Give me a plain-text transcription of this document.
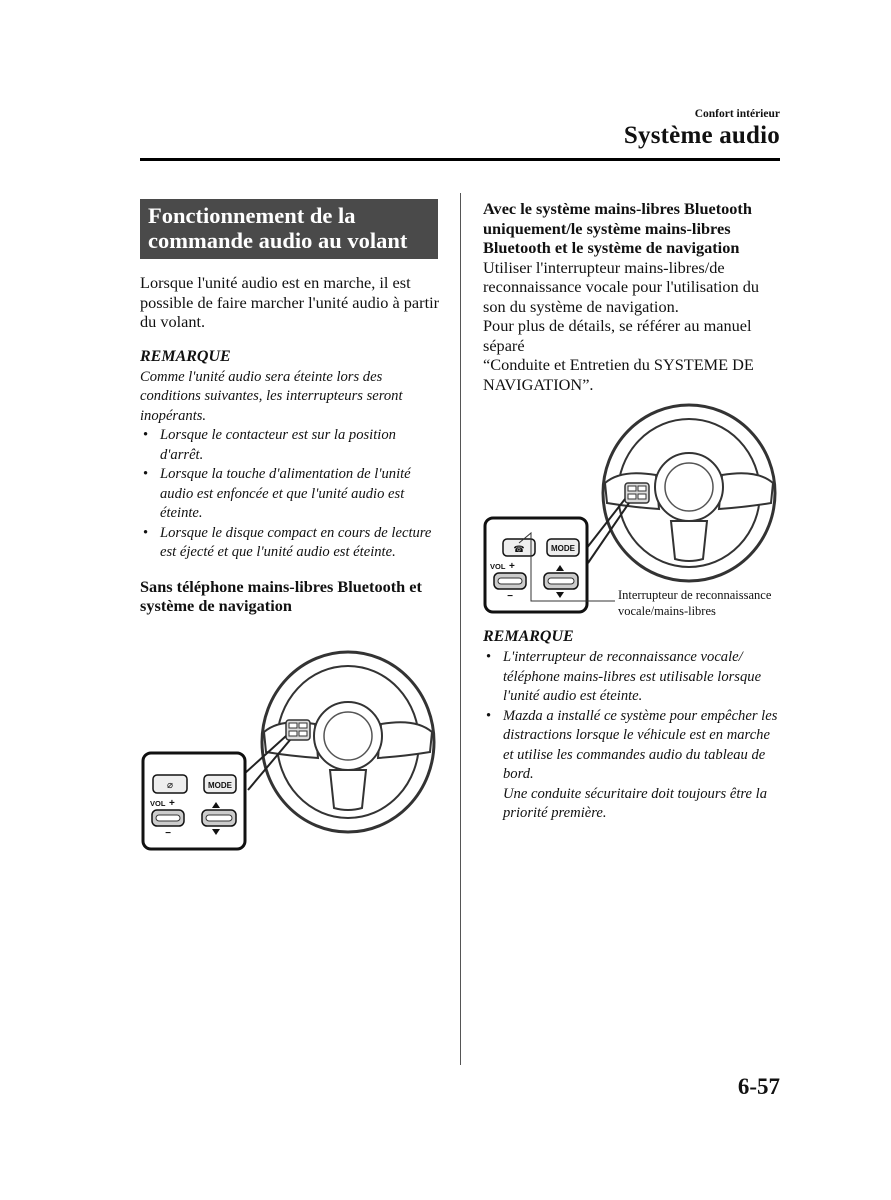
Confort intérieur
Système audio
Fonctionnement de la
commande audio au volant

Lorsque l'unité audio est en marche, il est possible de faire marcher l'unité audio à partir du volant.

REMARQUE

Comme l'unité audio sera éteinte lors des conditions suivantes, les interrupteurs seront inopérants.

• Lorsque le contacteur est sur la position d'arrêt.
• Lorsque la touche d'alimentation de l'unité audio est enfoncée et que l'unité audio est éteinte.
• Lorsque le disque compact en cours de lecture est éjecté et que l'unité audio est éteinte.
Sans téléphone mains-libres Bluetooth et système de navigation
⌀	MODE
VOL +
−
Avec le système mains-libres Bluetooth uniquement/le système mains-libres Bluetooth et le système de navigation

Utiliser l'interrupteur mains-libres/de reconnaissance vocale pour l'utilisation du son du système de navigation.

Pour plus de détails, se référer au manuel séparé

“Conduite et Entretien du SYSTEME DE NAVIGATION”.

☎	MODE
VOL +
−	Interrupteur de reconnaissance
vocale/mains-libres
REMARQUE
• L'interrupteur de reconnaissance vocale/ téléphone mains-libres est utilisable lorsque l'unité audio est éteinte.
• Mazda a installé ce système pour empêcher les distractions lorsque le véhicule est en marche et utilise les commandes audio du tableau de bord.
Une conduite sécuritaire doit toujours être la priorité première.
6-57
